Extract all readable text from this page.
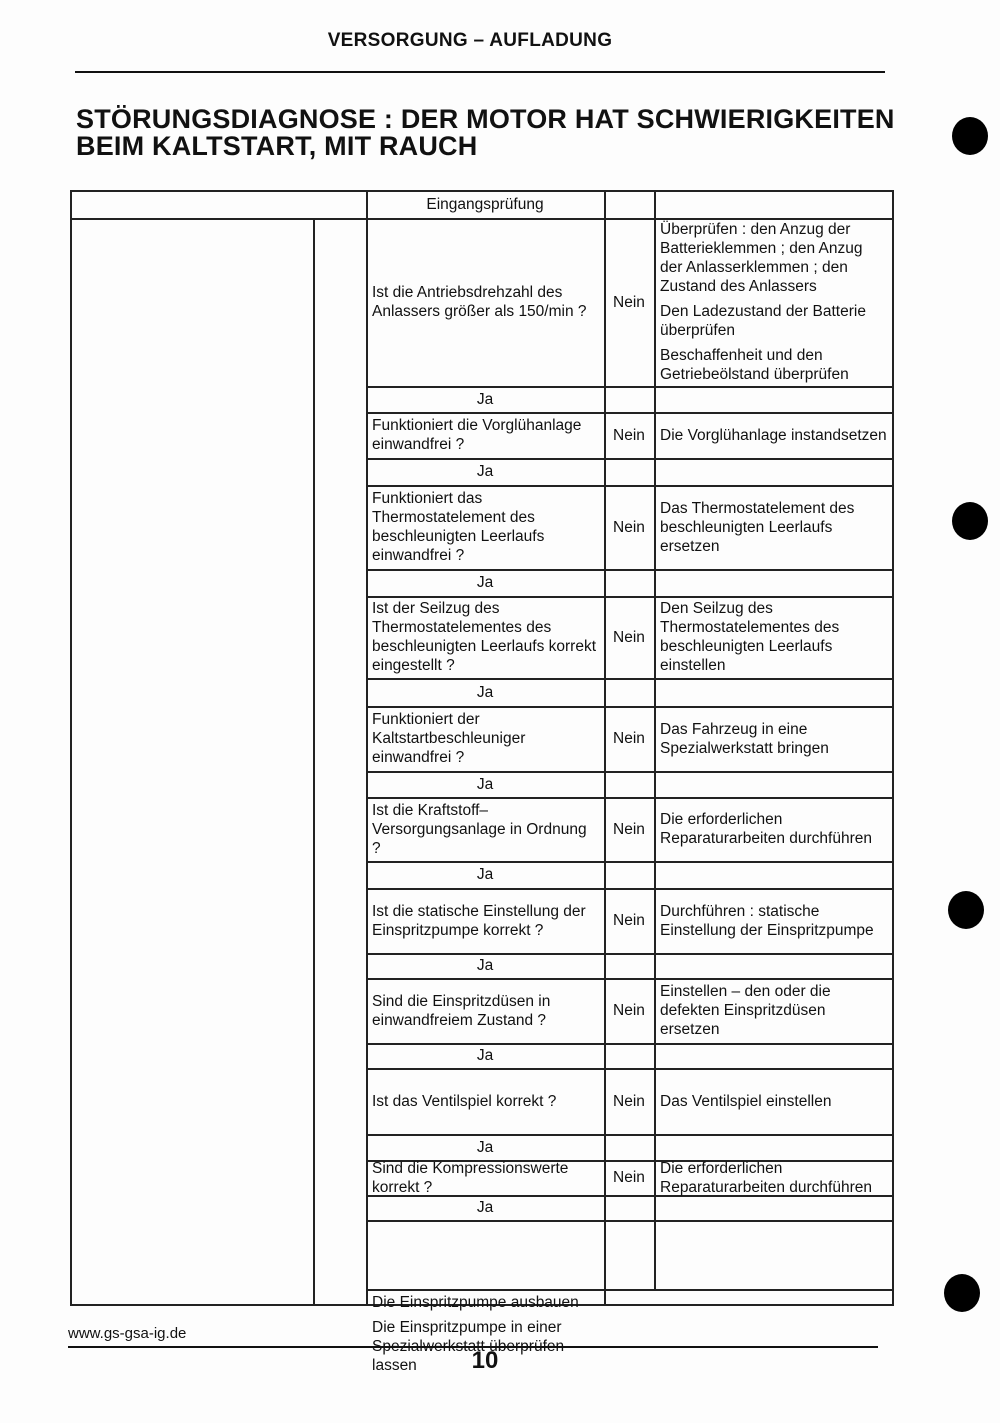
VERSORGUNG – AUFLADUNG
STÖRUNGSDIAGNOSE : DER MOTOR HAT SCHWIERIGKEITEN BEIM KALTSTART, MIT RAUCH

Eingangsprüfung

Ist die Antriebsdrehzahl des Anlassers größer als 150/min ?

Nein

Überprüfen : den Anzug der Batterieklemmen ; den Anzug der Anlasserklemmen ; den Zustand des Anlassers

Den Ladezustand der Batterie überprüfen

Beschaffenheit und den Getriebeölstand überprüfen

Ja

Funktioniert die Vorglühanlage einwandfrei ?

Nein Die Vorglühanlage instandsetzen

Ja

Funktioniert das Thermostatelement des beschleunigten Leerlaufs einwandfrei ?

Nein

Das Thermostatelement des beschleunigten Leerlaufs ersetzen

Ja

Ist der Seilzug des Thermostatelementes des beschleunigten Leerlaufs korrekt eingestellt ?

Nein

Den Seilzug des Thermostatelementes des beschleunigten Leerlaufs einstellen

Ja

Funktioniert der Kaltstartbeschleuniger einwandfrei ?

Nein

Das Fahrzeug in eine Spezialwerkstatt bringen

Ja

Ist die Kraftstoff–Versorgungsanlage in Ordnung ?

Nein

Die erforderlichen Reparaturarbeiten durchführen

Ja

Ist die statische Einstellung der Einspritzpumpe korrekt ?

Nein

Durchführen : statische Einstellung der Einspritzpumpe

Ja

Sind die Einspritzdüsen in einwandfreiem Zustand ?

Nein

Einstellen – den oder die defekten Einspritzdüsen ersetzen

Ja

Ist das Ventilspiel korrekt ?	Nein Das Ventilspiel einstellen

Ja

Sind die Kompressionswerte korrekt ?

Nein

Die erforderlichen Reparaturarbeiten durchführen

Ja

Die Einspritzpumpe ausbauen

Die Einspritzpumpe in einer Spezialwerkstatt überprüfen lassen

www.gs-gsa-ig.de
10
